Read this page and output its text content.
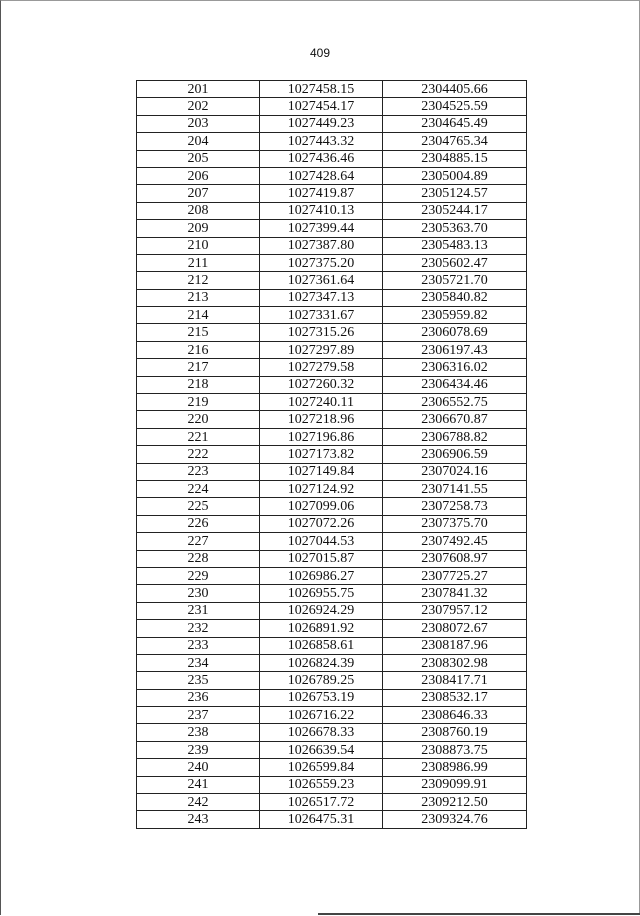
409
201	1027458.15	2304405.66
202	1027454.17	2304525.59
203	1027449.23	2304645.49
204	1027443.32	2304765.34
205	1027436.46	2304885.15
206	1027428.64	2305004.89
207	1027419.87	2305124.57
208	1027410.13	2305244.17
209	1027399.44	2305363.70
210	1027387.80	2305483.13
211	1027375.20	2305602.47
212	1027361.64	2305721.70
213	1027347.13	2305840.82
214	1027331.67	2305959.82
215	1027315.26	2306078.69
216	1027297.89	2306197.43
217	1027279.58	2306316.02
218	1027260.32	2306434.46
219	1027240.11	2306552.75
220	1027218.96	2306670.87
221	1027196.86	2306788.82
222	1027173.82	2306906.59
223	1027149.84	2307024.16
224	1027124.92	2307141.55
225	1027099.06	2307258.73
226	1027072.26	2307375.70
227	1027044.53	2307492.45
228	1027015.87	2307608.97
229	1026986.27	2307725.27
230	1026955.75	2307841.32
231	1026924.29	2307957.12
232	1026891.92	2308072.67
233	1026858.61	2308187.96
234	1026824.39	2308302.98
235	1026789.25	2308417.71
236	1026753.19	2308532.17
237	1026716.22	2308646.33
238	1026678.33	2308760.19
239	1026639.54	2308873.75
240	1026599.84	2308986.99
241	1026559.23	2309099.91
242	1026517.72	2309212.50
243	1026475.31	2309324.76
